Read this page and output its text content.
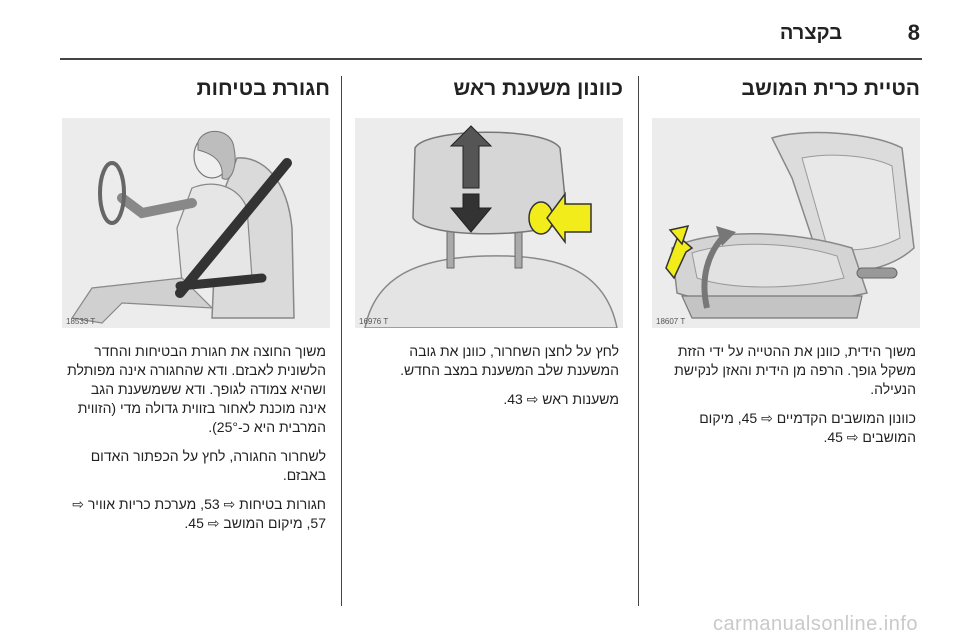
8
בקצרה
הטיית כרית המושב
18607 T

משוך הידית, כוונן את ההטייה על ידי הזזת משקל גופך. הרפה מן הידית והאזן לנקישת הנעילה.

כוונון המושבים הקדמיים ⇨ 45, מיקום המושבים ⇨ 45.

כוונון משענת ראש
16976 T

לחץ על לחצן השחרור, כוונן את גובה המשענת שלב המשענת במצב החדש.

משענות ראש ⇨ 43.

חגורת בטיחות
18533 T

משוך החוצה את חגורת הבטיחות והחדר הלשונית לאבזם. ודא שהחגורה אינה מפותלת ושהיא צמודה לגופך. ודא ששמשענת הגב אינה מוכנת לאחור בזווית גדולה מדי (הזווית המרבית היא כ-25°).

לשחרור החגורה, לחץ על הכפתור האדום באבזם.

חגורות בטיחות ⇨ 53, מערכת כריות אוויר ⇨ 57, מיקום המושב ⇨ 45.

carmanualsonline.info
